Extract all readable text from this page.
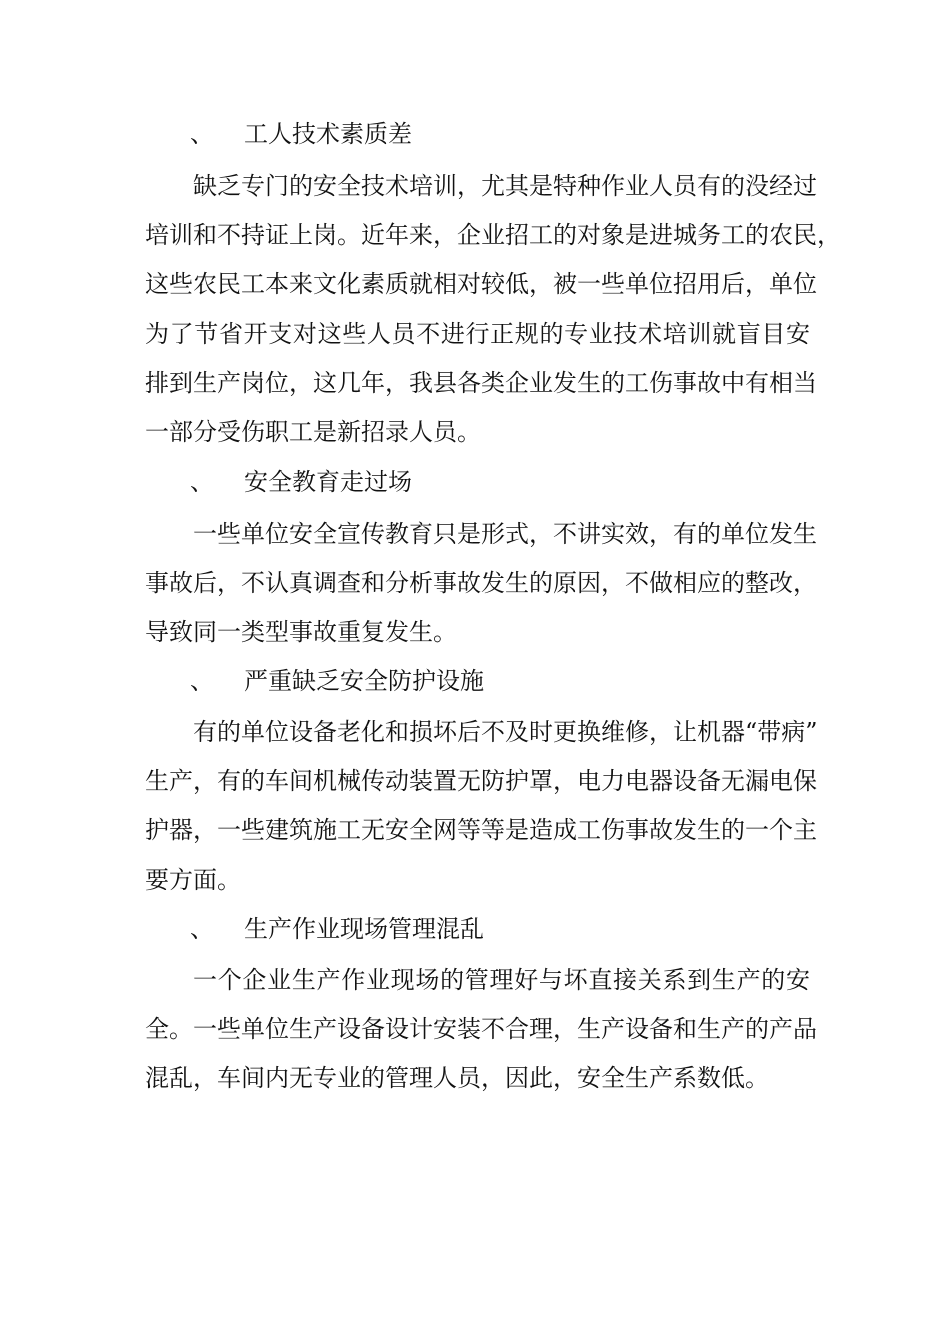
、 工人技术素质差
缺乏专门的安全技术培训，尤其是特种作业人员有的没经过
培训和不持证上岗。近年来，企业招工的对象是进城务工的农民，
这些农民工本来文化素质就相对较低，被一些单位招用后，单位
为了节省开支对这些人员不进行正规的专业技术培训就盲目安
排到生产岗位，这几年，我县各类企业发生的工伤事故中有相当
一部分受伤职工是新招录人员。
、 安全教育走过场
一些单位安全宣传教育只是形式，不讲实效，有的单位发生
事故后，不认真调查和分析事故发生的原因，不做相应的整改，
导致同一类型事故重复发生。
、 严重缺乏安全防护设施
有的单位设备老化和损坏后不及时更换维修，让机器“带病”
生产，有的车间机械传动装置无防护罩，电力电器设备无漏电保
护器，一些建筑施工无安全网等等是造成工伤事故发生的一个主
要方面。
、 生产作业现场管理混乱
一个企业生产作业现场的管理好与坏直接关系到生产的安
全。一些单位生产设备设计安装不合理，生产设备和生产的产品
混乱，车间内无专业的管理人员，因此，安全生产系数低。
